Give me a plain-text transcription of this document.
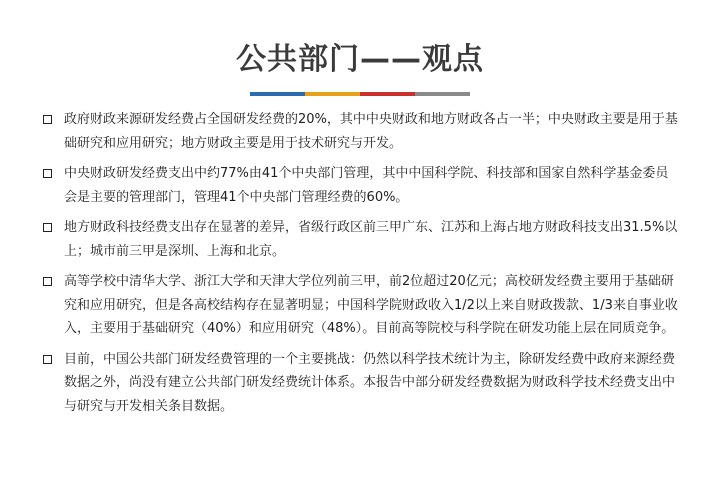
公共部门——观点
政府财政来源研发经费占全国研发经费的20%，其中中央财政和地方财政各占一半；中央财政主要是用于基础研究和应用研究；地方财政主要是用于技术研究与开发。
中央财政研发经费支出中约77%由41个中央部门管理，其中中国科学院、科技部和国家自然科学基金委员会是主要的管理部门，管理41个中央部门管理经费的60%。
地方财政科技经费支出存在显著的差异，省级行政区前三甲广东、江苏和上海占地方财政科技支出31.5%以上；城市前三甲是深圳、上海和北京。
高等学校中清华大学、浙江大学和天津大学位列前三甲，前2位超过20亿元；高校研发经费主要用于基础研究和应用研究，但是各高校结构存在显著明显；中国科学院财政收入1/2以上来自财政拨款、1/3来自事业收入，主要用于基础研究（40%）和应用研究（48%）。目前高等院校与科学院在研发功能上层在同质竞争。
目前，中国公共部门研发经费管理的一个主要挑战：仍然以科学技术统计为主，除研发经费中政府来源经费数据之外，尚没有建立公共部门研发经费统计体系。本报告中部分研发经费数据为财政科学技术经费支出中与研究与开发相关条目数据。
